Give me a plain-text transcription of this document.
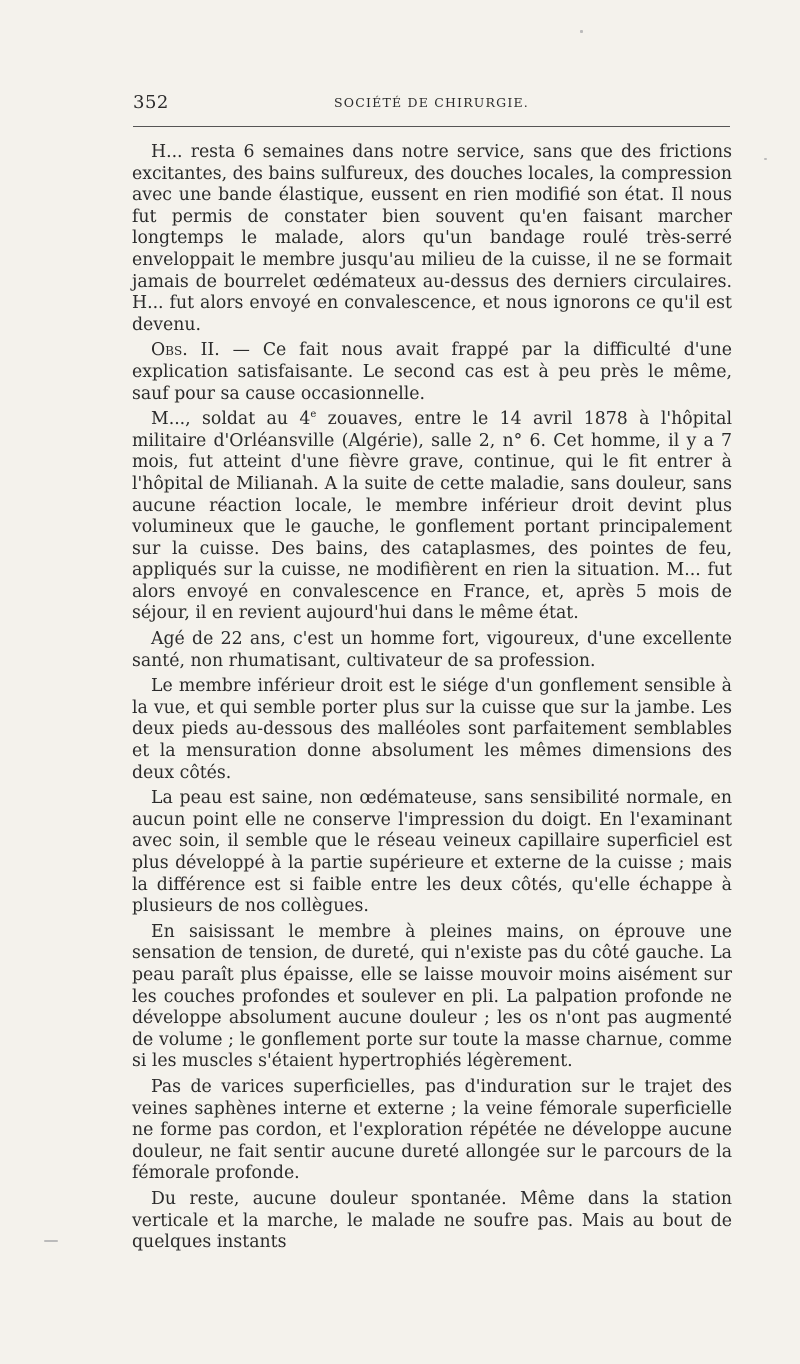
352	SOCIÉTÉ DE CHIRURGIE.

H... resta 6 semaines dans notre service, sans que des frictions excitantes, des bains sulfureux, des douches locales, la compression avec une bande élastique, eussent en rien modifié son état. Il nous fut permis de constater bien souvent qu'en faisant marcher longtemps le malade, alors qu'un bandage roulé très-serré enveloppait le membre jusqu'au milieu de la cuisse, il ne se formait jamais de bourrelet œdémateux au-dessus des derniers circulaires. H... fut alors envoyé en convalescence, et nous ignorons ce qu'il est devenu.

Obs. II. — Ce fait nous avait frappé par la difficulté d'une explication satisfaisante. Le second cas est à peu près le même, sauf pour sa cause occasionnelle.

M..., soldat au 4e zouaves, entre le 14 avril 1878 à l'hôpital militaire d'Orléansville (Algérie), salle 2, n° 6. Cet homme, il y a 7 mois, fut atteint d'une fièvre grave, continue, qui le fit entrer à l'hôpital de Milianah. A la suite de cette maladie, sans douleur, sans aucune réaction locale, le membre inférieur droit devint plus volumineux que le gauche, le gonflement portant principalement sur la cuisse. Des bains, des cataplasmes, des pointes de feu, appliqués sur la cuisse, ne modifièrent en rien la situation. M... fut alors envoyé en convalescence en France, et, après 5 mois de séjour, il en revient aujourd'hui dans le même état.

Agé de 22 ans, c'est un homme fort, vigoureux, d'une excellente santé, non rhumatisant, cultivateur de sa profession.

Le membre inférieur droit est le siége d'un gonflement sensible à la vue, et qui semble porter plus sur la cuisse que sur la jambe. Les deux pieds au-dessous des malléoles sont parfaitement semblables et la mensuration donne absolument les mêmes dimensions des deux côtés.

La peau est saine, non œdémateuse, sans sensibilité normale, en aucun point elle ne conserve l'impression du doigt. En l'examinant avec soin, il semble que le réseau veineux capillaire superficiel est plus développé à la partie supérieure et externe de la cuisse ; mais la différence est si faible entre les deux côtés, qu'elle échappe à plusieurs de nos collègues.

En saisissant le membre à pleines mains, on éprouve une sensation de tension, de dureté, qui n'existe pas du côté gauche. La peau paraît plus épaisse, elle se laisse mouvoir moins aisément sur les couches profondes et soulever en pli. La palpation profonde ne développe absolument aucune douleur ; les os n'ont pas augmenté de volume ; le gonflement porte sur toute la masse charnue, comme si les muscles s'étaient hypertrophiés légèrement.

Pas de varices superficielles, pas d'induration sur le trajet des veines saphènes interne et externe ; la veine fémorale superficielle ne forme pas cordon, et l'exploration répétée ne développe aucune douleur, ne fait sentir aucune dureté allongée sur le parcours de la fémorale profonde.

Du reste, aucune douleur spontanée. Même dans la station verticale et la marche, le malade ne soufre pas. Mais au bout de quelques instants
